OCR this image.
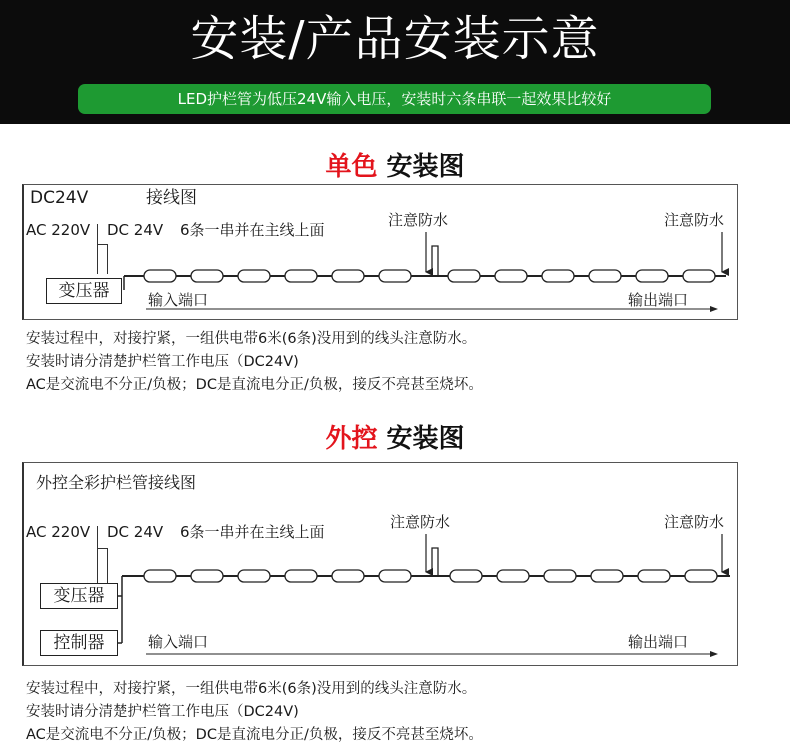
安装/产品安装示意
LED护栏管为低压24V输入电压，安装时六条串联一起效果比较好
单色 安装图
DC24V	接线图
AC 220V DC 24V 6条一串并在主线上面
注意防水	注意防水
变压器	输入端口	输出端口
安装过程中，对接拧紧，一组供电带6米(6条)没用到的线头注意防水。
安装时请分清楚护栏管工作电压（DC24V)
AC是交流电不分正/负极；DC是直流电分正/负极，接反不亮甚至烧坏。
外控 安装图
外控全彩护栏管接线图
AC 220V DC 24V 6条一串并在主线上面
注意防水	注意防水
变压器
控制器	输入端口	输出端口
安装过程中，对接拧紧，一组供电带6米(6条)没用到的线头注意防水。
安装时请分清楚护栏管工作电压（DC24V)
AC是交流电不分正/负极；DC是直流电分正/负极，接反不亮甚至烧坏。
